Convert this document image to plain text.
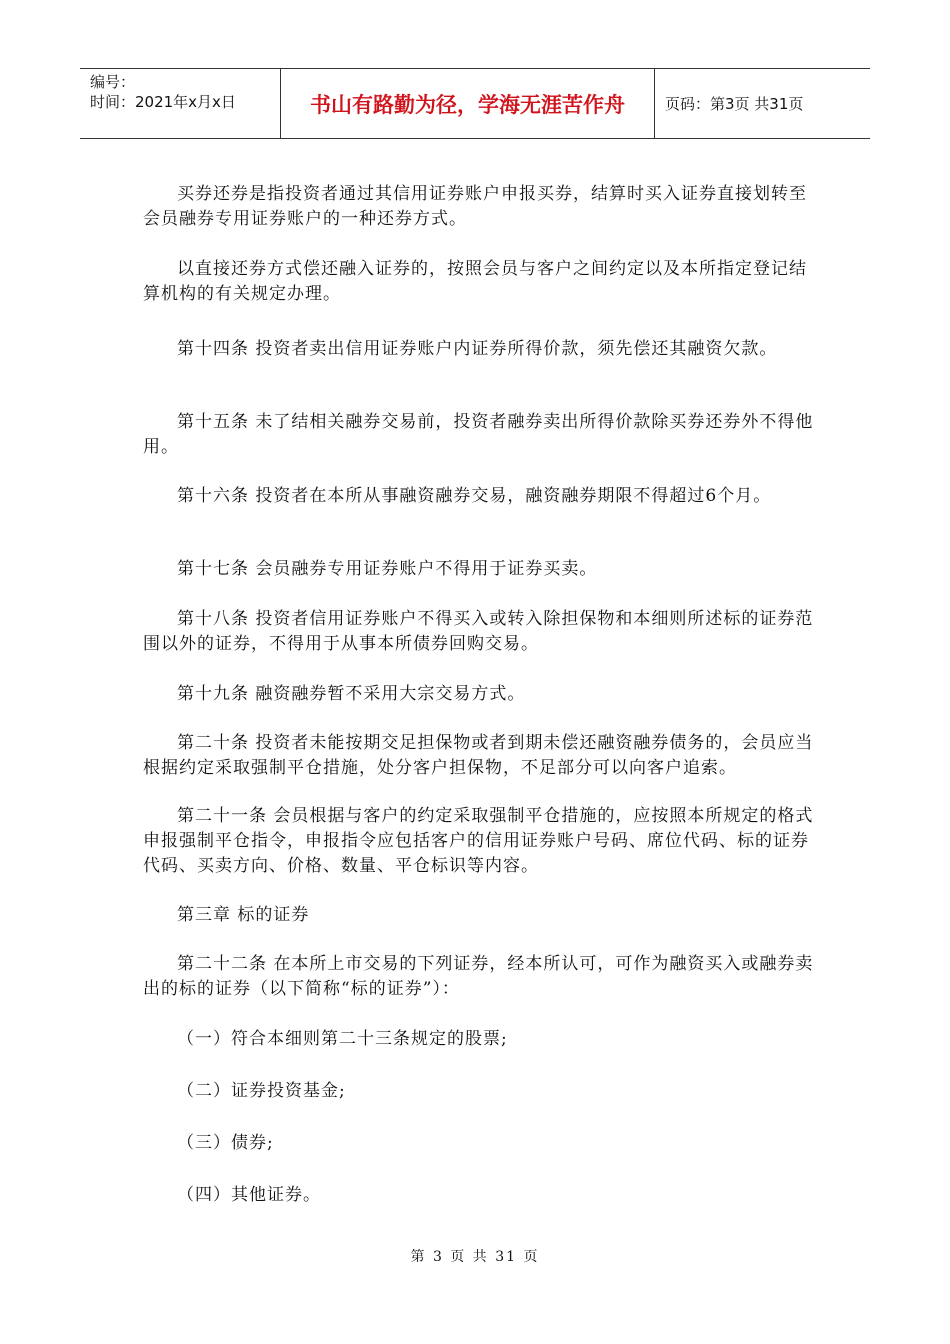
编号：
时间：2021年x月x日	书山有路勤为径，学海无涯苦作舟	页码：第3页 共31页

买券还券是指投资者通过其信用证券账户申报买券，结算时买入证券直接划转至会员融券专用证券账户的一种还券方式。

以直接还券方式偿还融入证券的，按照会员与客户之间约定以及本所指定登记结算机构的有关规定办理。

第十四条 投资者卖出信用证券账户内证券所得价款，须先偿还其融资欠款。

第十五条 未了结相关融券交易前，投资者融券卖出所得价款除买券还券外不得他用。

第十六条 投资者在本所从事融资融券交易，融资融券期限不得超过6个月。

第十七条 会员融券专用证券账户不得用于证券买卖。

第十八条 投资者信用证券账户不得买入或转入除担保物和本细则所述标的证券范围以外的证券，不得用于从事本所债券回购交易。

第十九条 融资融券暂不采用大宗交易方式。

第二十条 投资者未能按期交足担保物或者到期未偿还融资融券债务的，会员应当根据约定采取强制平仓措施，处分客户担保物，不足部分可以向客户追索。

第二十一条 会员根据与客户的约定采取强制平仓措施的，应按照本所规定的格式申报强制平仓指令，申报指令应包括客户的信用证券账户号码、席位代码、标的证券代码、买卖方向、价格、数量、平仓标识等内容。

第三章 标的证券

第二十二条 在本所上市交易的下列证券，经本所认可，可作为融资买入或融券卖出的标的证券（以下简称“标的证券”）：

（一）符合本细则第二十三条规定的股票;

（二）证券投资基金;

（三）债券;

（四）其他证券。

第 3 页 共 31 页
